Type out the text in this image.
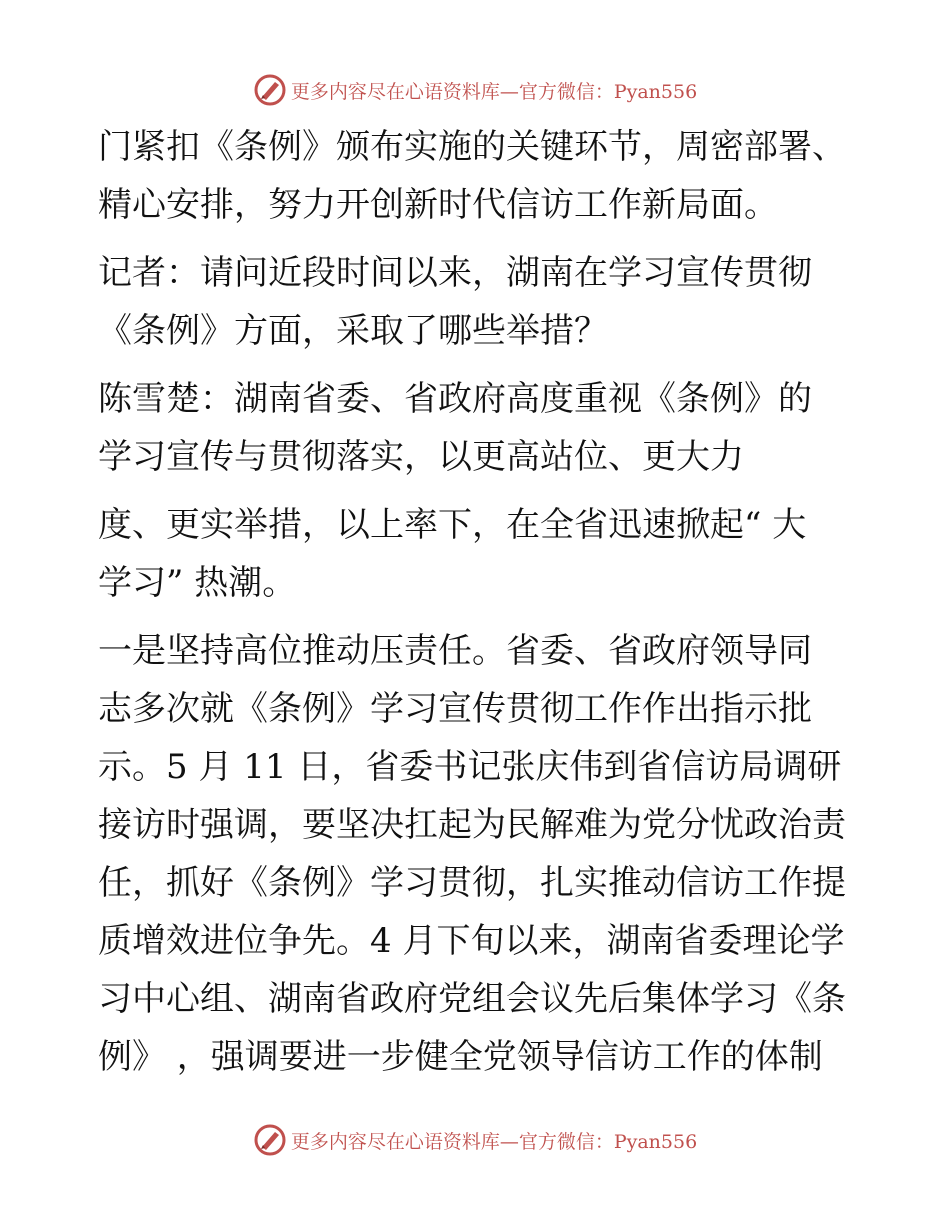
更多内容尽在心语资料库—官方微信：Pyan556
门紧扣《条例》颁布实施的关键环节，周密部署、
精心安排，努力开创新时代信访工作新局面。
记者：请问近段时间以来，湖南在学习宣传贯彻
《条例》方面，采取了哪些举措？
陈雪楚：湖南省委、省政府高度重视《条例》的
学习宣传与贯彻落实，以更高站位、更大力
度、更实举措，以上率下，在全省迅速掀起“ 大
学习” 热潮。
一是坚持高位推动压责任。省委、省政府领导同
志多次就《条例》学习宣传贯彻工作作出指示批
示。5 月 11 日，省委书记张庆伟到省信访局调研
接访时强调，要坚决扛起为民解难为党分忧政治责
任，抓好《条例》学习贯彻，扎实推动信访工作提
质增效进位争先。4 月下旬以来，湖南省委理论学
习中心组、湖南省政府党组会议先后集体学习《条
例》 ，强调要进一步健全党领导信访工作的体制
更多内容尽在心语资料库—官方微信：Pyan556
